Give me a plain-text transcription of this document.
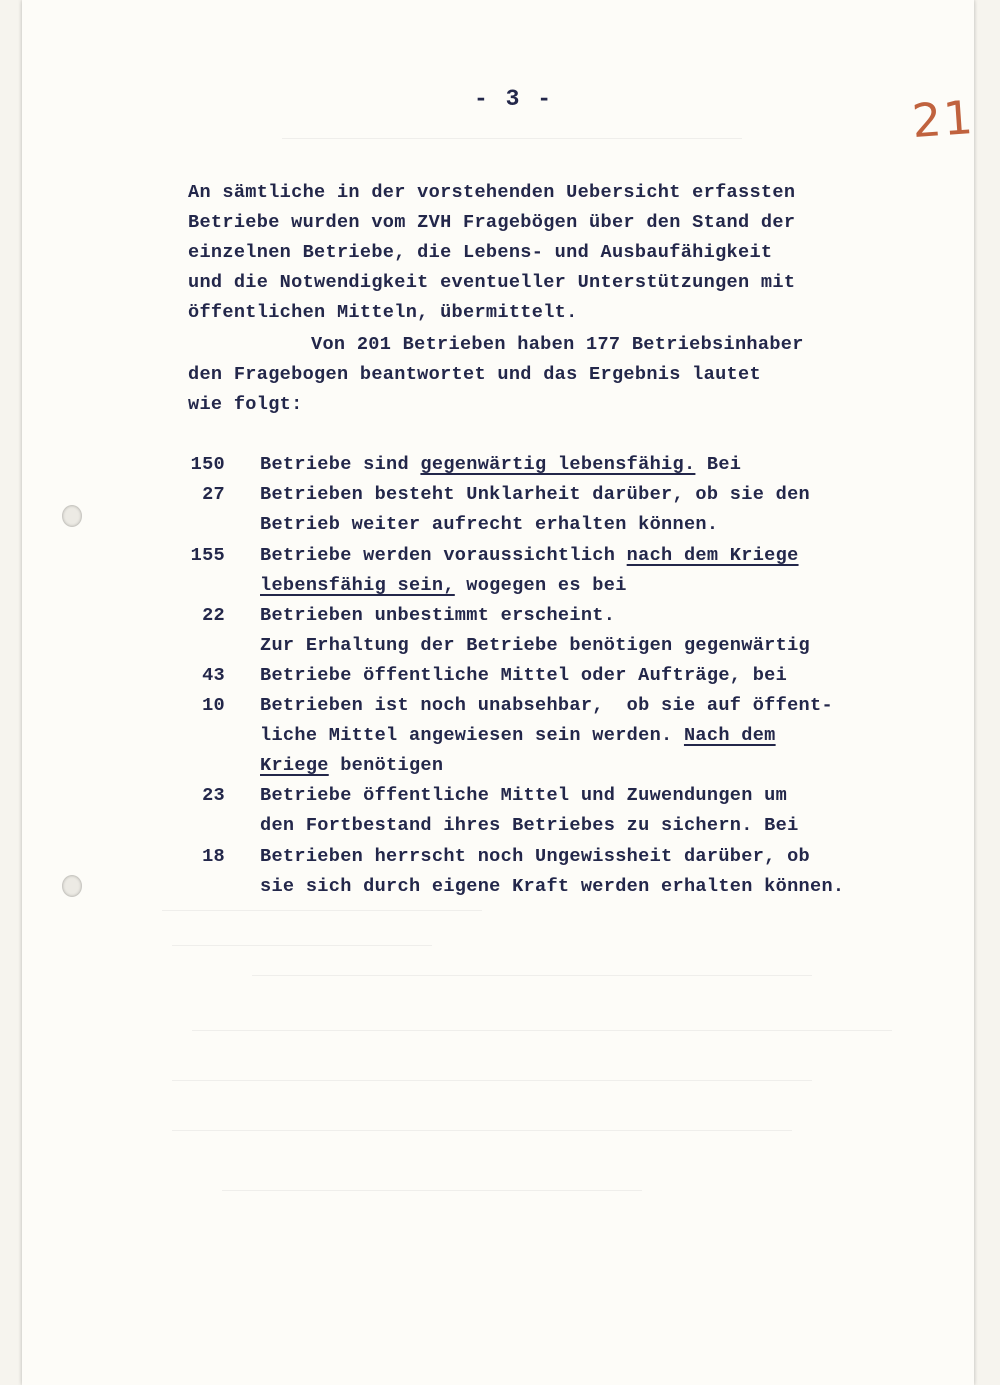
- 3 -	21
An sämtliche in der vorstehenden Uebersicht erfassten
Betriebe wurden vom ZVH Fragebögen über den Stand der
einzelnen Betriebe, die Lebens- und Ausbaufähigkeit
und die Notwendigkeit eventueller Unterstützungen mit
öffentlichen Mitteln, übermittelt.
Von 201 Betrieben haben 177 Betriebsinhaber
den Fragebogen beantwortet und das Ergebnis lautet
wie folgt:
150 Betriebe sind gegenwärtig lebensfähig. Bei
27 Betrieben besteht Unklarheit darüber, ob sie den
Betrieb weiter aufrecht erhalten können.
155 Betriebe werden voraussichtlich nach dem Kriege
lebensfähig sein, wogegen es bei
22 Betrieben unbestimmt erscheint.
Zur Erhaltung der Betriebe benötigen gegenwärtig
43 Betriebe öffentliche Mittel oder Aufträge, bei
10 Betrieben ist noch unabsehbar,  ob sie auf öffent-
liche Mittel angewiesen sein werden. Nach dem
Kriege benötigen
23 Betriebe öffentliche Mittel und Zuwendungen um
den Fortbestand ihres Betriebes zu sichern. Bei
18 Betrieben herrscht noch Ungewissheit darüber, ob
sie sich durch eigene Kraft werden erhalten können.
